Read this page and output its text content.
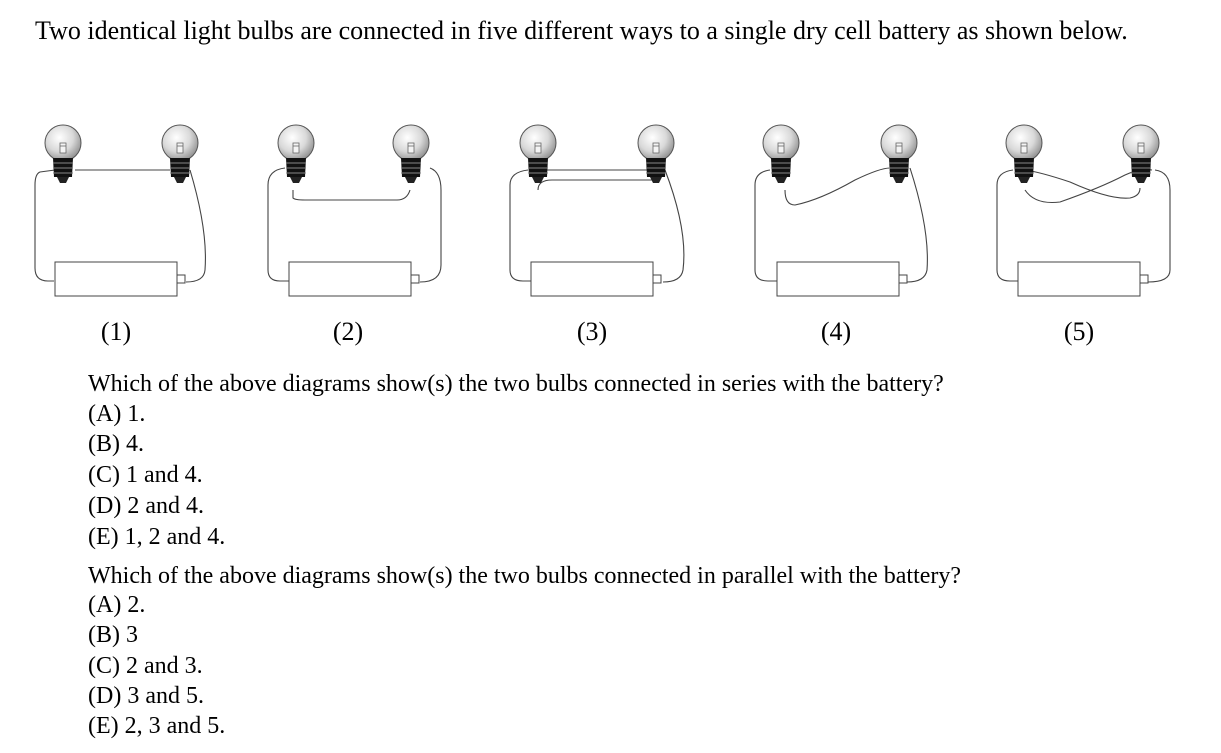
Two identical light bulbs are connected in five different ways to a single dry cell battery as shown below.
(1)	(2)	(3)	(4)	(5)
Which of the above diagrams show(s) the two bulbs connected in series with the battery?
(A) 1.
(B) 4.
(C) 1 and 4.
(D) 2 and 4.
(E) 1, 2 and 4.
Which of the above diagrams show(s) the two bulbs connected in parallel with the battery?
(A) 2.
(B) 3
(C) 2 and 3.
(D) 3 and 5.
(E) 2, 3 and 5.
